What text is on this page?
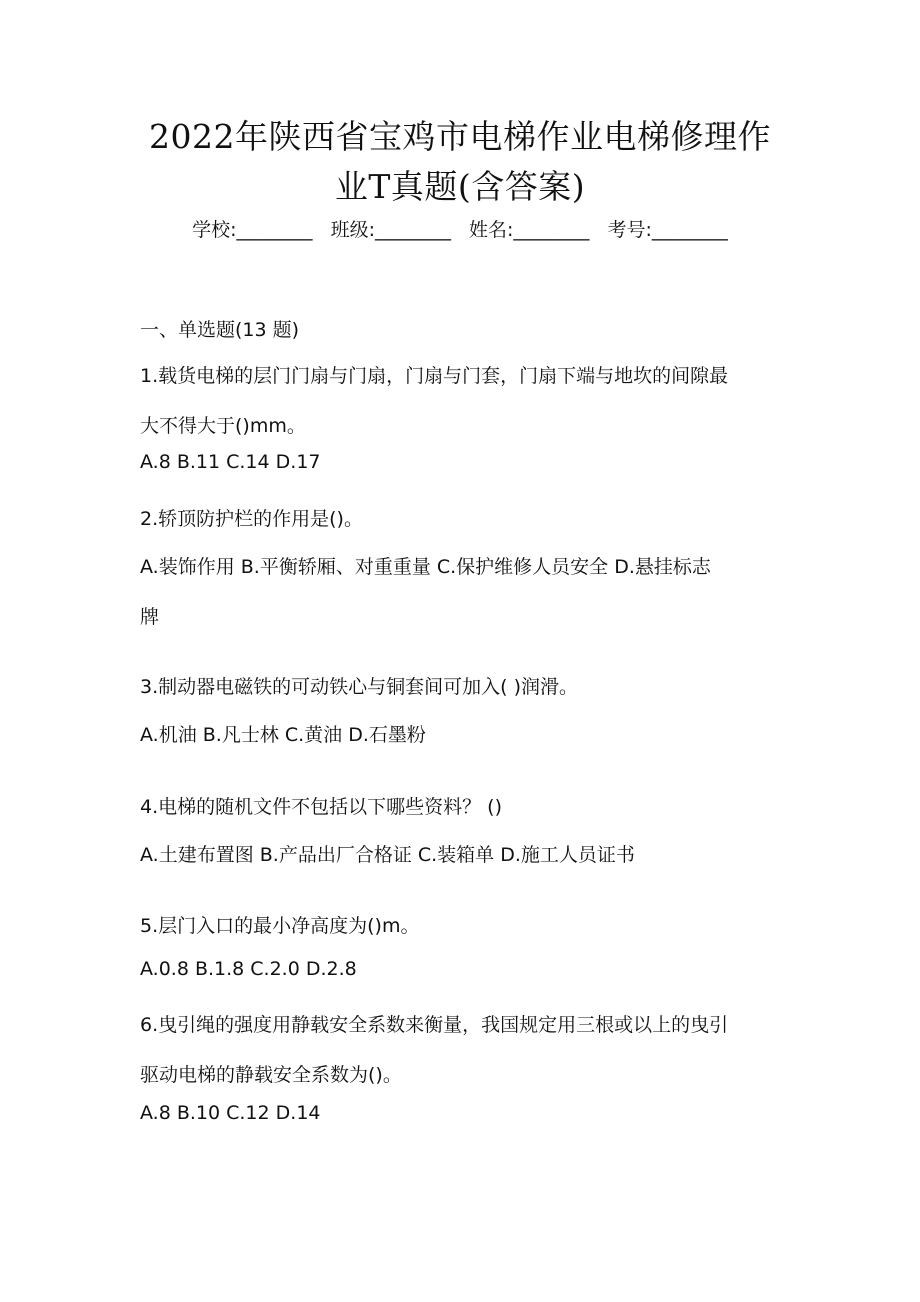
2022年陕西省宝鸡市电梯作业电梯修理作
业T真题(含答案)
学校:________ 班级:________ 姓名:________ 考号:________
一、单选题(13 题)
1.载货电梯的层门门扇与门扇，门扇与门套，门扇下端与地坎的间隙最
大不得大于()mm。
A.8 B.11 C.14 D.17
2.轿顶防护栏的作用是()。
A.装饰作用 B.平衡轿厢、对重重量 C.保护维修人员安全 D.悬挂标志
牌
3.制动器电磁铁的可动铁心与铜套间可加入( )润滑。
A.机油 B.凡士林 C.黄油 D.石墨粉
4.电梯的随机文件不包括以下哪些资料？ ()
A.土建布置图 B.产品出厂合格证 C.装箱单 D.施工人员证书
5.层门入口的最小净高度为()m。
A.0.8 B.1.8 C.2.0 D.2.8
6.曳引绳的强度用静载安全系数来衡量，我国规定用三根或以上的曳引
驱动电梯的静载安全系数为()。
A.8 B.10 C.12 D.14
